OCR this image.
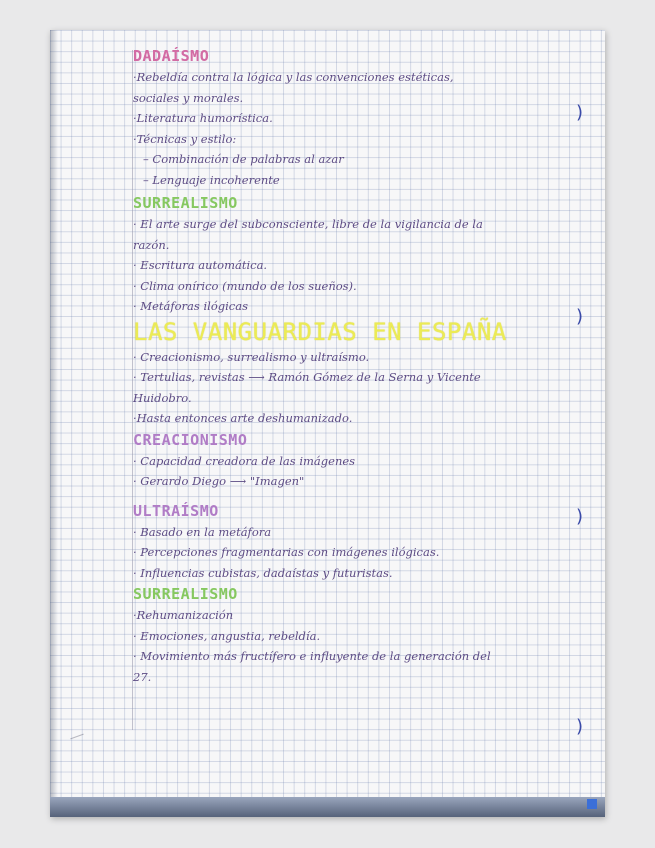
)
)
)
)
DADAÍSMO

·Rebeldía contra la lógica y las convenciones estéticas,

sociales y morales.

·Literatura humorística.

·Técnicas y estilo:

– Combinación de palabras al azar

– Lenguaje incoherente

SURREALISMO

· El arte surge del subconsciente, libre de la vigilancia de la

razón.

· Escritura automática.

· Clima onírico (mundo de los sueños).

· Metáforas ilógicas

LAS VANGUARDIAS EN ESPAÑA

· Creacionismo, surrealismo y ultraísmo.

· Tertulias, revistas ⟶ Ramón Gómez de la Serna y Vicente

Huidobro.

·Hasta entonces arte deshumanizado.

CREACIONISMO

· Capacidad creadora de las imágenes

· Gerardo Diego ⟶ "Imagen"

ULTRAÍSMO

· Basado en la metáfora

· Percepciones fragmentarias con imágenes ilógicas.

· Influencias cubistas, dadaístas y futuristas.

SURREALISMO

·Rehumanización

· Emociones, angustia, rebeldía.

· Movimiento más fructífero e influyente de la generación del

27.
